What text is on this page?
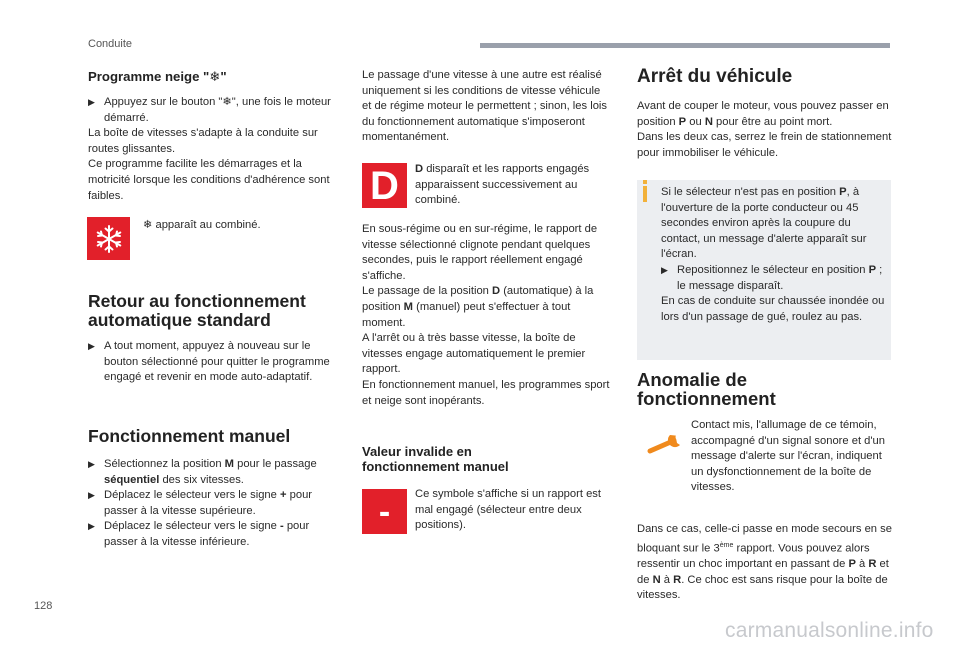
Conduite
Programme neige "❄"
▶ Appuyez sur le bouton "❄", une fois le moteur démarré.

La boîte de vitesses s'adapte à la conduite sur routes glissantes.

Ce programme facilite les démarrages et la motricité lorsque les conditions d'adhérence sont faibles.

❄ apparaît au combiné.
Retour au fonctionnement
automatique standard
▶ A tout moment, appuyez à nouveau sur le bouton sélectionné pour quitter le programme engagé et revenir en mode auto-adaptatif.
Fonctionnement manuel
▶ Sélectionnez la position M pour le passage séquentiel des six vitesses.
▶ Déplacez le sélecteur vers le signe + pour passer à la vitesse supérieure.
▶ Déplacez le sélecteur vers le signe - pour passer à la vitesse inférieure.
Le passage d'une vitesse à une autre est réalisé uniquement si les conditions de vitesse véhicule et de régime moteur le permettent ; sinon, les lois du fonctionnement automatique s'imposeront momentanément.
D D disparaît et les rapports engagés apparaissent successivement au combiné.

En sous-régime ou en sur-régime, le rapport de vitesse sélectionné clignote pendant quelques secondes, puis le rapport réellement engagé s'affiche.

Le passage de la position D (automatique) à la position M (manuel) peut s'effectuer à tout moment.

A l'arrêt ou à très basse vitesse, la boîte de vitesses engage automatiquement le premier rapport.

En fonctionnement manuel, les programmes sport et neige sont inopérants.

Valeur invalide en
fonctionnement manuel
- Ce symbole s'affiche si un rapport est mal engagé (sélecteur entre deux positions).
Arrêt du véhicule

Avant de couper le moteur, vous pouvez passer en position P ou N pour être au point mort.

Dans les deux cas, serrez le frein de stationnement pour immobiliser le véhicule.

Si le sélecteur n'est pas en position P, à l'ouverture de la porte conducteur ou 45 secondes environ après la coupure du contact, un message d'alerte apparaît sur l'écran.

▶ Repositionnez le sélecteur en position P ; le message disparaît.

En cas de conduite sur chaussée inondée ou lors d'un passage de gué, roulez au pas.

Anomalie de
fonctionnement
Contact mis, l'allumage de ce témoin, accompagné d'un signal sonore et d'un message d'alerte sur l'écran, indiquent un dysfonctionnement de la boîte de vitesses.
Dans ce cas, celle-ci passe en mode secours en se bloquant sur le 3ème rapport. Vous pouvez alors ressentir un choc important en passant de P à R et de N à R. Ce choc est sans risque pour la boîte de vitesses.
128
carmanualsonline.info
